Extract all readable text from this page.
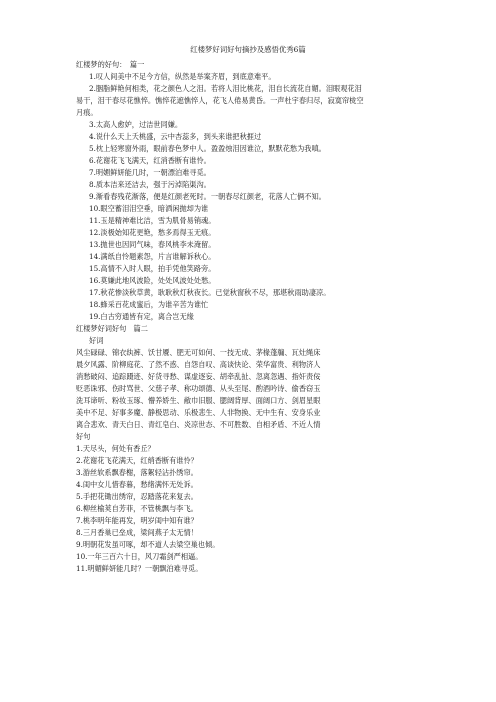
红楼梦好词好句摘抄及感悟优秀6篇
红楼梦的好句：　篇一
1.叹人间美中不足今方信，纵然是举案齐眉，到底意难平。
2.胭脂鲜艳何相类，花之颜色人之泪。若将人泪比桃花，泪自长流花自媚。泪眼观花泪
易干，泪干春尽花憔悴。憔悴花遮憔悴人，花飞人倦易黄昏。一声杜宇春归尽，寂寞帘栊空
月痕。
3.太高人愈妒，过洁世同嫌。
4.说什么天上夭桃盛，云中杏蕊多，到头来谁把秋捱过
5.枕上轻寒窗外雨，眼前春色梦中人。盈盈烛泪因谁泣，默默花愁为我嗔。
6.花谢花飞飞满天，红消香断有谁怜。
7.明媚鲜妍能几时，一朝漂泊难寻觅。
8.质本洁来还洁去，强于污淖陷渠沟。
9.渐看春残花渐落，便是红颜老死时。一朝春尽红颜老，花落人亡俩不知。
10.眼空蓄泪泪空垂，暗洒闲抛却为谁
11.玉是精神难比洁，雪为肌骨易销魂。
12.淡极始知花更艳，愁多焉得玉无痕。
13.抛世也因同气味，春风桃李未淹留。
14.满纸自怜题素怨，片言谁解诉秋心。
15.高情不入时人眼，拍手凭他笑路旁。
16.莫嫌此地风波险，处处风波处处愁。
17.秋花惨淡秋草黄，耿耿秋灯秋夜长。已觉秋窗秋不尽，那堪秋雨助凄凉。
18.蜂采百花成蜜后，为谁辛苦为谁忙
19.白古穷通皆有定，离合岂无缘
红楼梦好词好句　篇二
好词
风尘碌碌、锦衣纨裤、饫甘餍、肥无可如何、一技无成、茅椽蓬牖、瓦灶绳床
晨夕风露、阶柳庭花、了然不惑、自怨自叹、高谈快论、荣华富贵、利物济人
消愁破闷、追踪蹑迹、好货寻愁、谋虚逐妄、胡牵乱扯、忽离忽遇、指奸责佞
贬恶诛邪、伤时骂世、父慈子孝、称功颂德、从头至尾、酌酒吟诗、偷香窃玉
洗耳谛听、粉妆玉琢、懵养娇生、敝巾旧服、腮阔背厚、面阔口方、剑眉星眼
美中不足、好事多魔、静极思动、乐极悲生、人非物换、无中生有、安身乐业
离合悲欢、青天白日、青红皂白、炎凉世态、不可胜数、自相矛盾、不近人情
好句
1.天尽头，何处有香丘？
2.花谢花飞花满天，红绡香断有谁怜？
3.游丝软系飘春榭，落絮轻沾扑绣帘。
4.闺中女儿惜春暮，愁绪满怀无处诉。
5.手把花锄出绣帘，忍踏落花来复去。
6.柳丝榆荚自芳菲，不管桃飘与李飞。
7.桃李明年能再发，明岁闺中知有谁？
8.三月香巢已垒成，梁间燕子太无情！
9.明朝花发虽可啄，却不道人去梁空巢也倾。
10.一年三百六十日，风刀霜剑严相逼。
11.明媚鲜妍能几时？一朝飘泊难寻觅。
